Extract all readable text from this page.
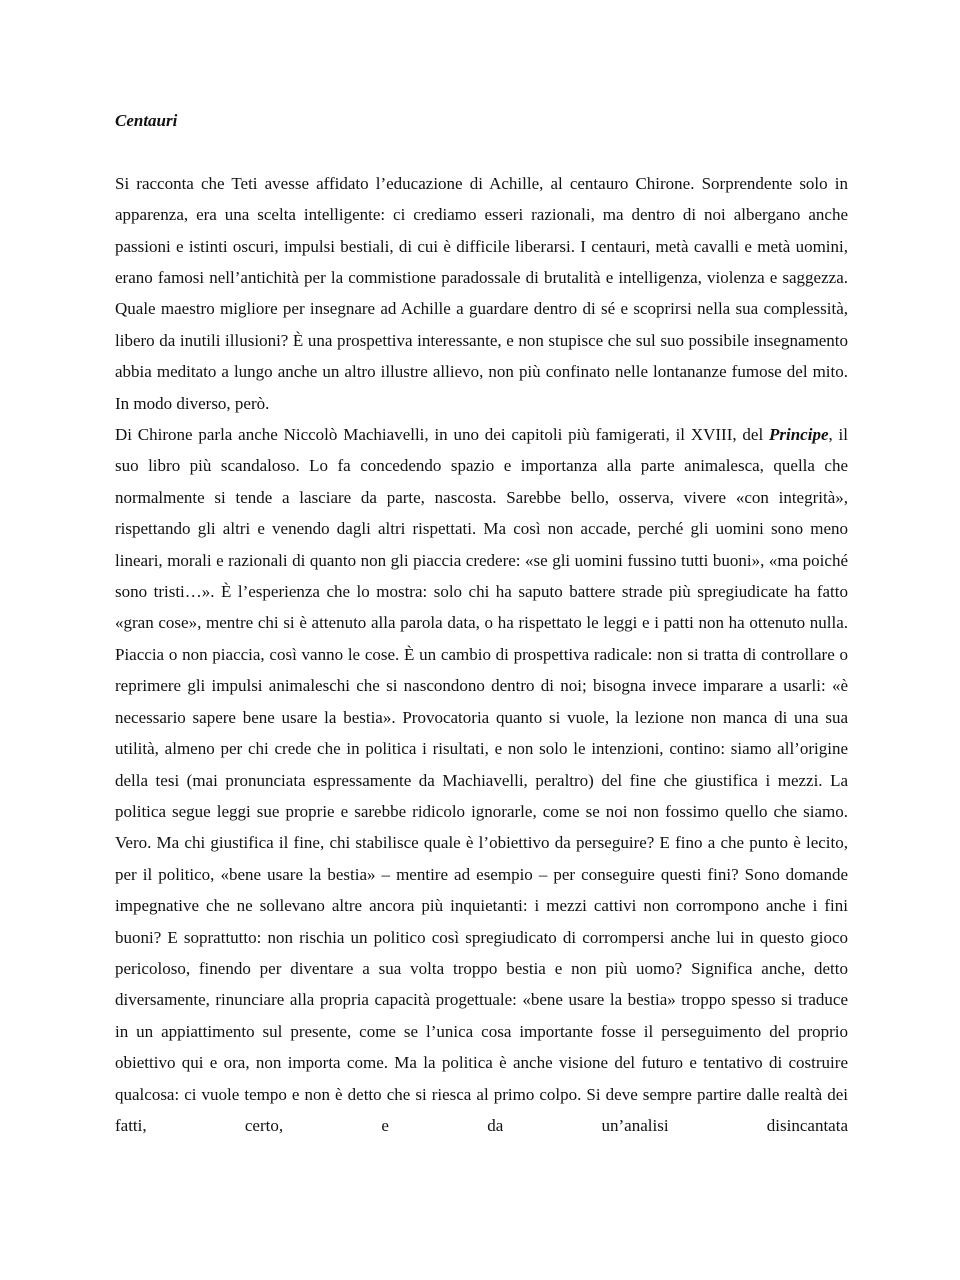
Centauri

Si racconta che Teti avesse affidato l’educazione di Achille, al centauro Chirone. Sorprendente solo in apparenza, era una scelta intelligente: ci crediamo esseri razionali, ma dentro di noi albergano anche passioni e istinti oscuri, impulsi bestiali, di cui è difficile liberarsi. I centauri, metà cavalli e metà uomini, erano famosi nell’antichità per la commistione paradossale di brutalità e intelligenza, violenza e saggezza. Quale maestro migliore per insegnare ad Achille a guardare dentro di sé e scoprirsi nella sua complessità, libero da inutili illusioni? È una prospettiva interessante, e non stupisce che sul suo possibile insegnamento abbia meditato a lungo anche un altro illustre allievo, non più confinato nelle lontananze fumose del mito. In modo diverso, però.

Di Chirone parla anche Niccolò Machiavelli, in uno dei capitoli più famigerati, il XVIII, del Principe, il suo libro più scandaloso. Lo fa concedendo spazio e importanza alla parte animalesca, quella che normalmente si tende a lasciare da parte, nascosta. Sarebbe bello, osserva, vivere «con integrità», rispettando gli altri e venendo dagli altri rispettati. Ma così non accade, perché gli uomini sono meno lineari, morali e razionali di quanto non gli piaccia credere: «se gli uomini fussino tutti buoni», «ma poiché sono tristi…». È l’esperienza che lo mostra: solo chi ha saputo battere strade più spregiudicate ha fatto «gran cose», mentre chi si è attenuto alla parola data, o ha rispettato le leggi e i patti non ha ottenuto nulla. Piaccia o non piaccia, così vanno le cose. È un cambio di prospettiva radicale: non si tratta di controllare o reprimere gli impulsi animaleschi che si nascondono dentro di noi; bisogna invece imparare a usarli: «è necessario sapere bene usare la bestia». Provocatoria quanto si vuole, la lezione non manca di una sua utilità, almeno per chi crede che in politica i risultati, e non solo le intenzioni, contino: siamo all’origine della tesi (mai pronunciata espressamente da Machiavelli, peraltro) del fine che giustifica i mezzi. La politica segue leggi sue proprie e sarebbe ridicolo ignorarle, come se noi non fossimo quello che siamo. Vero. Ma chi giustifica il fine, chi stabilisce quale è l’obiettivo da perseguire? E fino a che punto è lecito, per il politico, «bene usare la bestia» – mentire ad esempio – per conseguire questi fini? Sono domande impegnative che ne sollevano altre ancora più inquietanti: i mezzi cattivi non corrompono anche i fini buoni? E soprattutto: non rischia un politico così spregiudicato di corrompersi anche lui in questo gioco pericoloso, finendo per diventare a sua volta troppo bestia e non più uomo? Significa anche, detto diversamente, rinunciare alla propria capacità progettuale: «bene usare la bestia» troppo spesso si traduce in un appiattimento sul presente, come se l’unica cosa importante fosse il perseguimento del proprio obiettivo qui e ora, non importa come. Ma la politica è anche visione del futuro e tentativo di costruire qualcosa: ci vuole tempo e non è detto che si riesca al primo colpo. Si deve sempre partire dalle realtà dei fatti, certo, e da un’analisi disincantata
